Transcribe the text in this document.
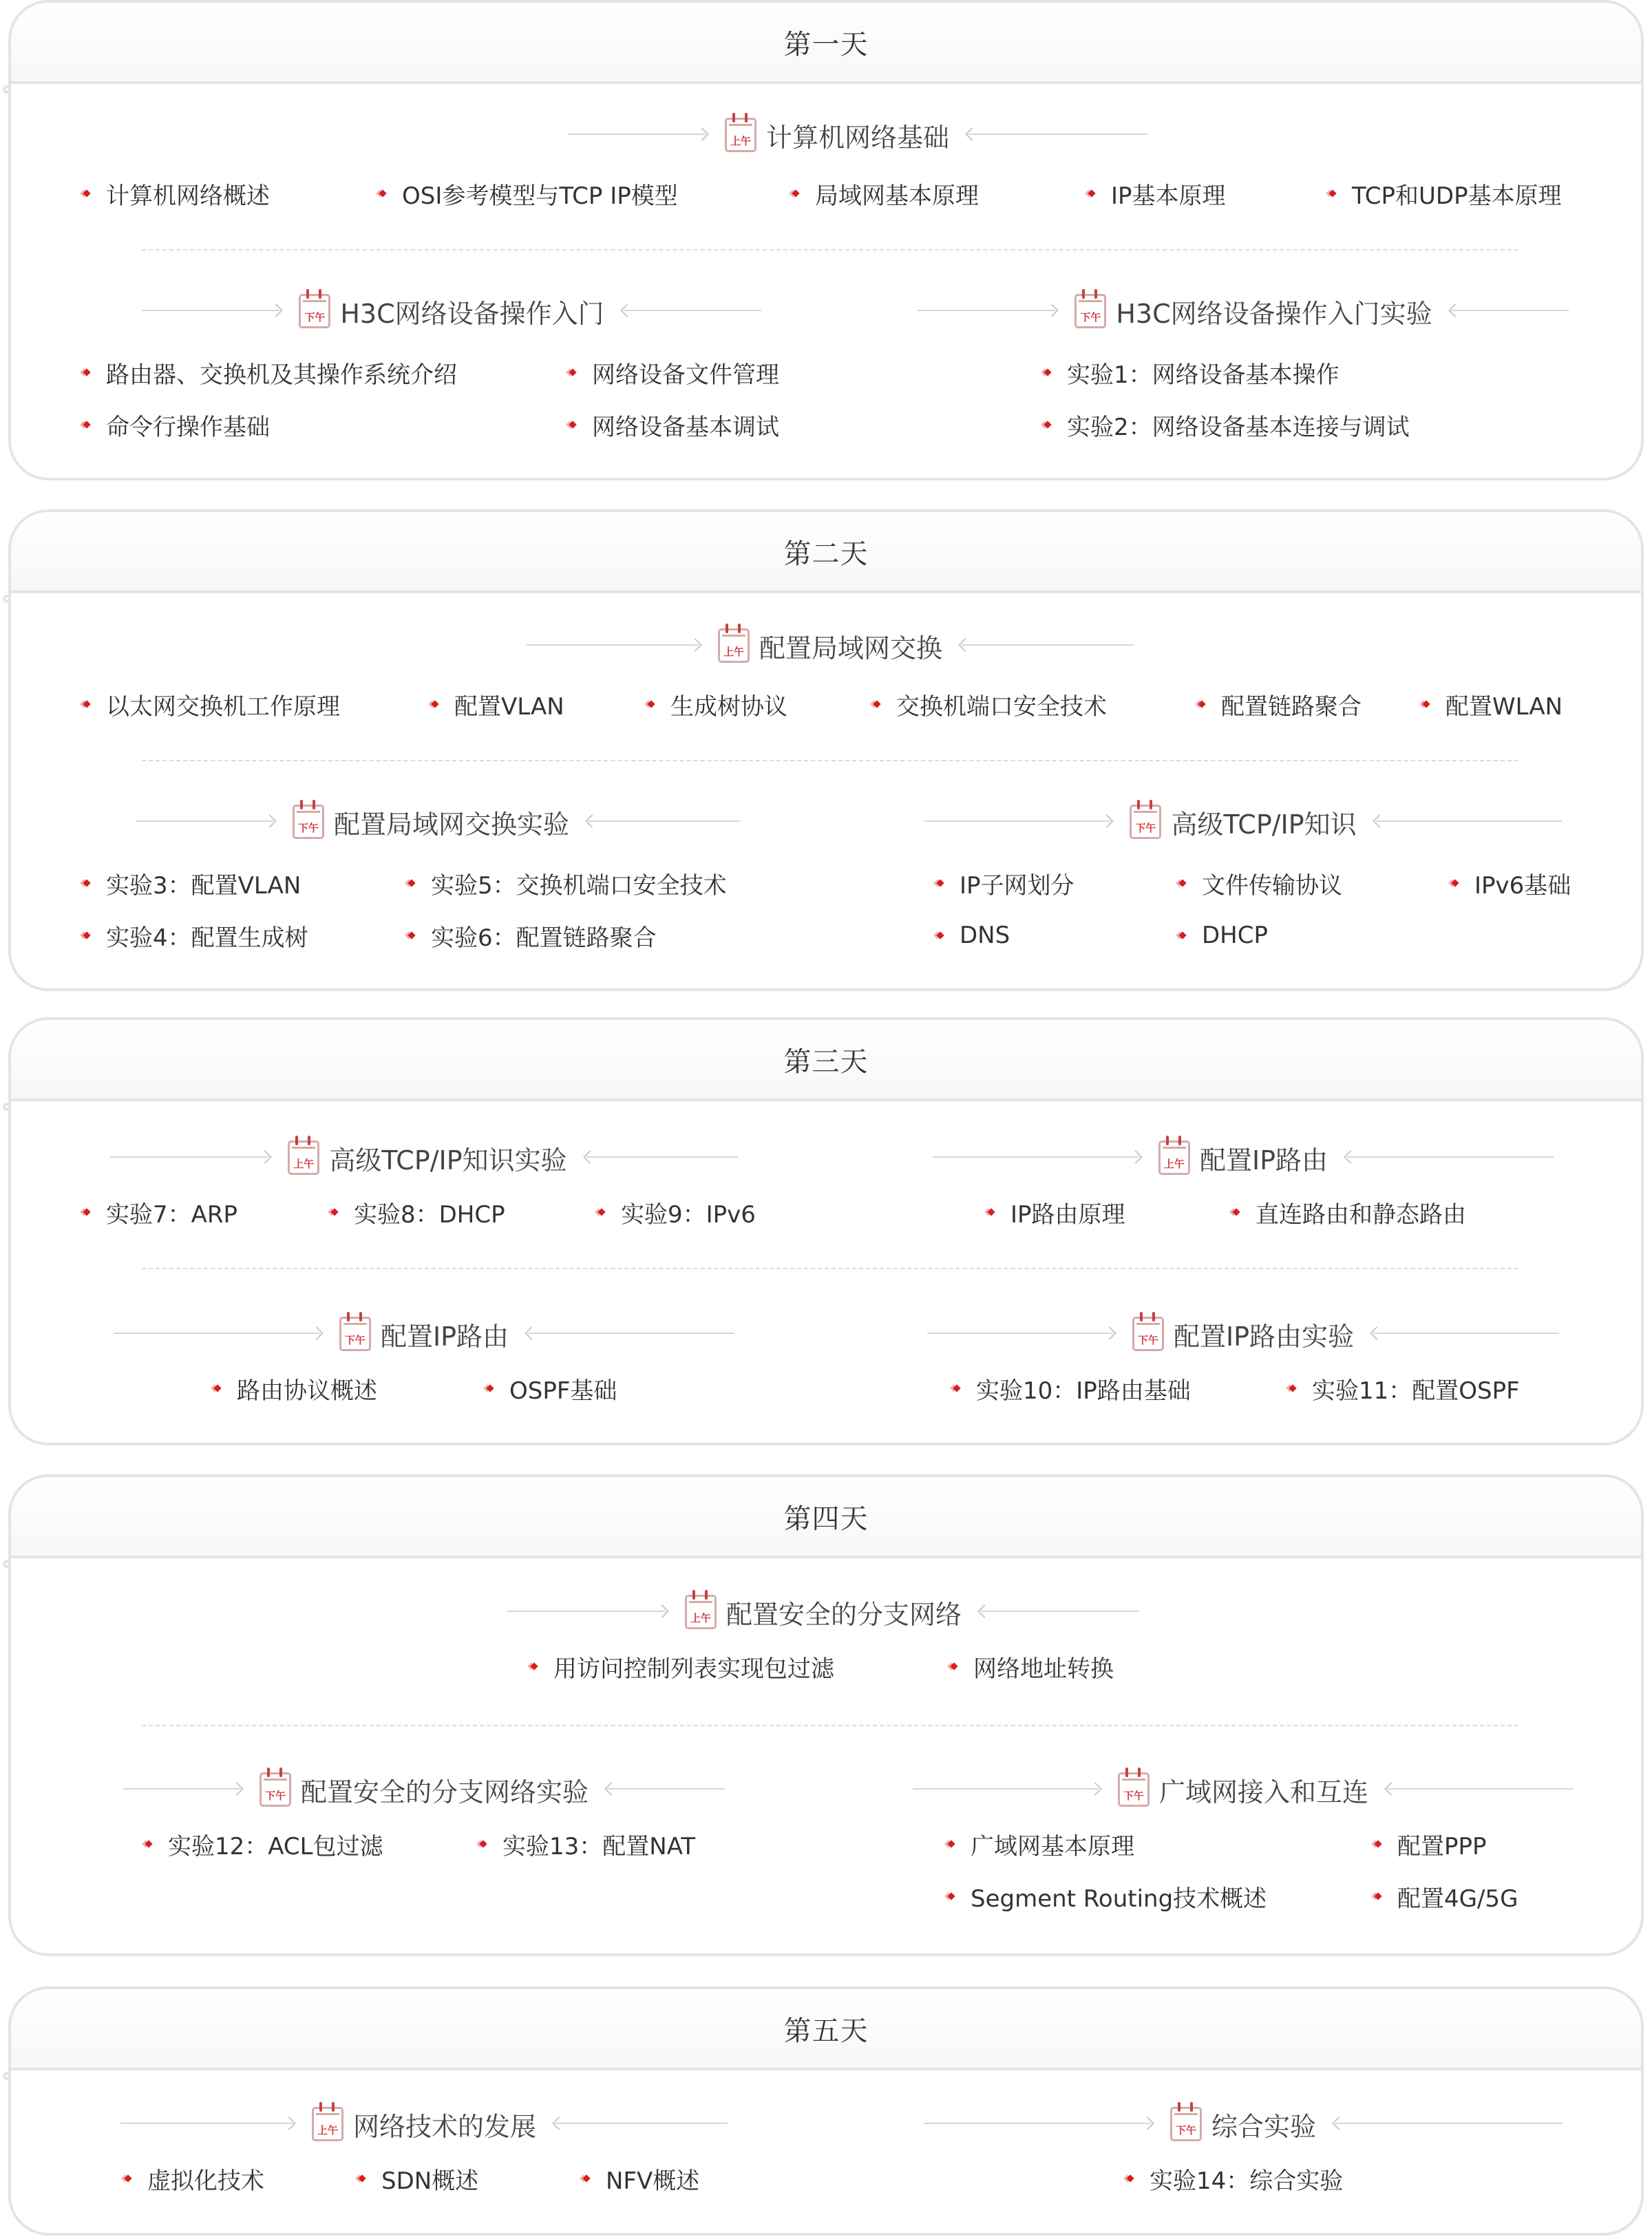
第一天
上午 计算机网络基础
计算机网络概述	OSI参考模型与TCP IP模型	局域网基本原理	IP基本原理	TCP和UDP基本原理
下午 H3C网络设备操作入门	下午 H3C网络设备操作入门实验
路由器、交换机及其操作系统介绍	网络设备文件管理
命令行操作基础	网络设备基本调试
实验1：网络设备基本操作
实验2：网络设备基本连接与调试
第二天
上午 配置局域网交换
以太网交换机工作原理	配置VLAN	生成树协议	交换机端口安全技术	配置链路聚合	配置WLAN
下午 配置局域网交换实验	下午 高级TCP/IP知识
实验3：配置VLAN	实验5：交换机端口安全技术
实验4：配置生成树	实验6：配置链路聚合
IP子网划分	文件传输协议	IPv6基础
DNS	DHCP
第三天
上午 高级TCP/IP知识实验	上午 配置IP路由
实验7：ARP	实验8：DHCP	实验9：IPv6	IP路由原理	直连路由和静态路由
下午 配置IP路由	下午 配置IP路由实验
路由协议概述	OSPF基础	实验10：IP路由基础	实验11：配置OSPF
第四天
上午 配置安全的分支网络
用访问控制列表实现包过滤	网络地址转换
下午 配置安全的分支网络实验	下午 广域网接入和互连
实验12：ACL包过滤	实验13：配置NAT	广域网基本原理	配置PPP
Segment Routing技术概述	配置4G/5G
第五天
上午 网络技术的发展	下午 综合实验
虚拟化技术	SDN概述	NFV概述	实验14：综合实验
